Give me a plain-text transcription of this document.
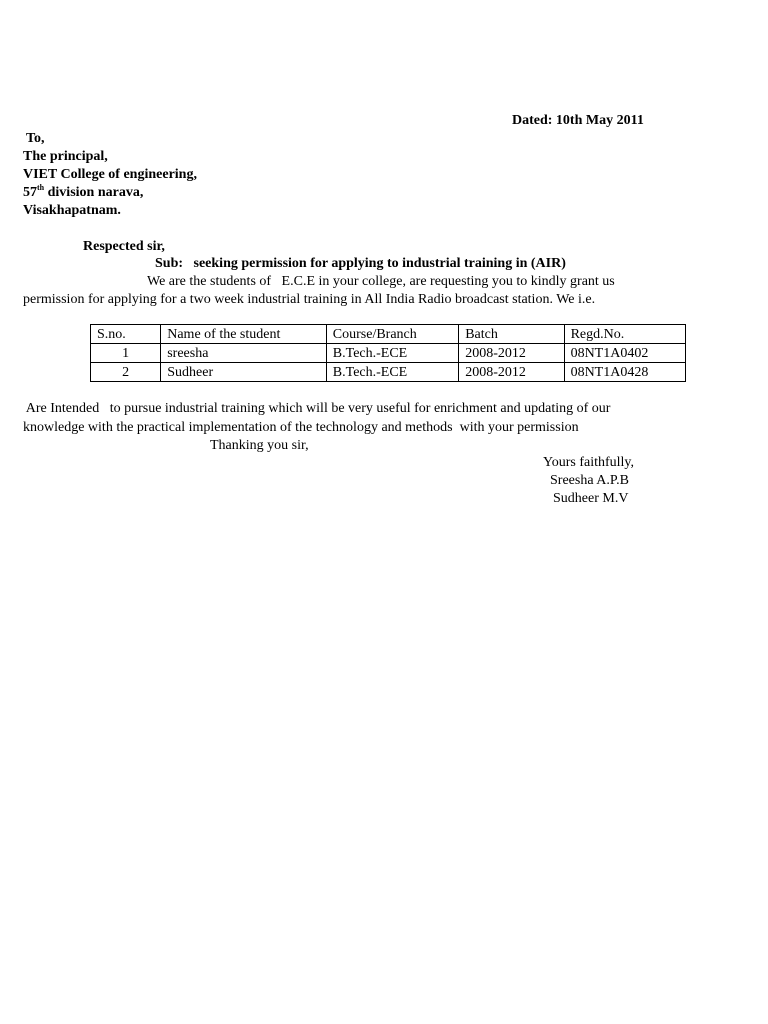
Dated: 10th May 2011
To,
The principal,
VIET College of engineering,
57th division narava,
Visakhapatnam.
Respected sir,
Sub:   seeking permission for applying to industrial training in (AIR)
We are the students of   E.C.E in your college, are requesting you to kindly grant us
permission for applying for a two week industrial training in All India Radio broadcast station. We i.e.
S.no.	Name of the student	Course/Branch	Batch	Regd.No.
1	sreesha	B.Tech.-ECE	2008-2012	08NT1A0402
2	Sudheer	B.Tech.-ECE	2008-2012	08NT1A0428
Are Intended   to pursue industrial training which will be very useful for enrichment and updating of our
knowledge with the practical implementation of the technology and methods  with your permission
Thanking you sir,
Yours faithfully,
Sreesha A.P.B
Sudheer M.V
